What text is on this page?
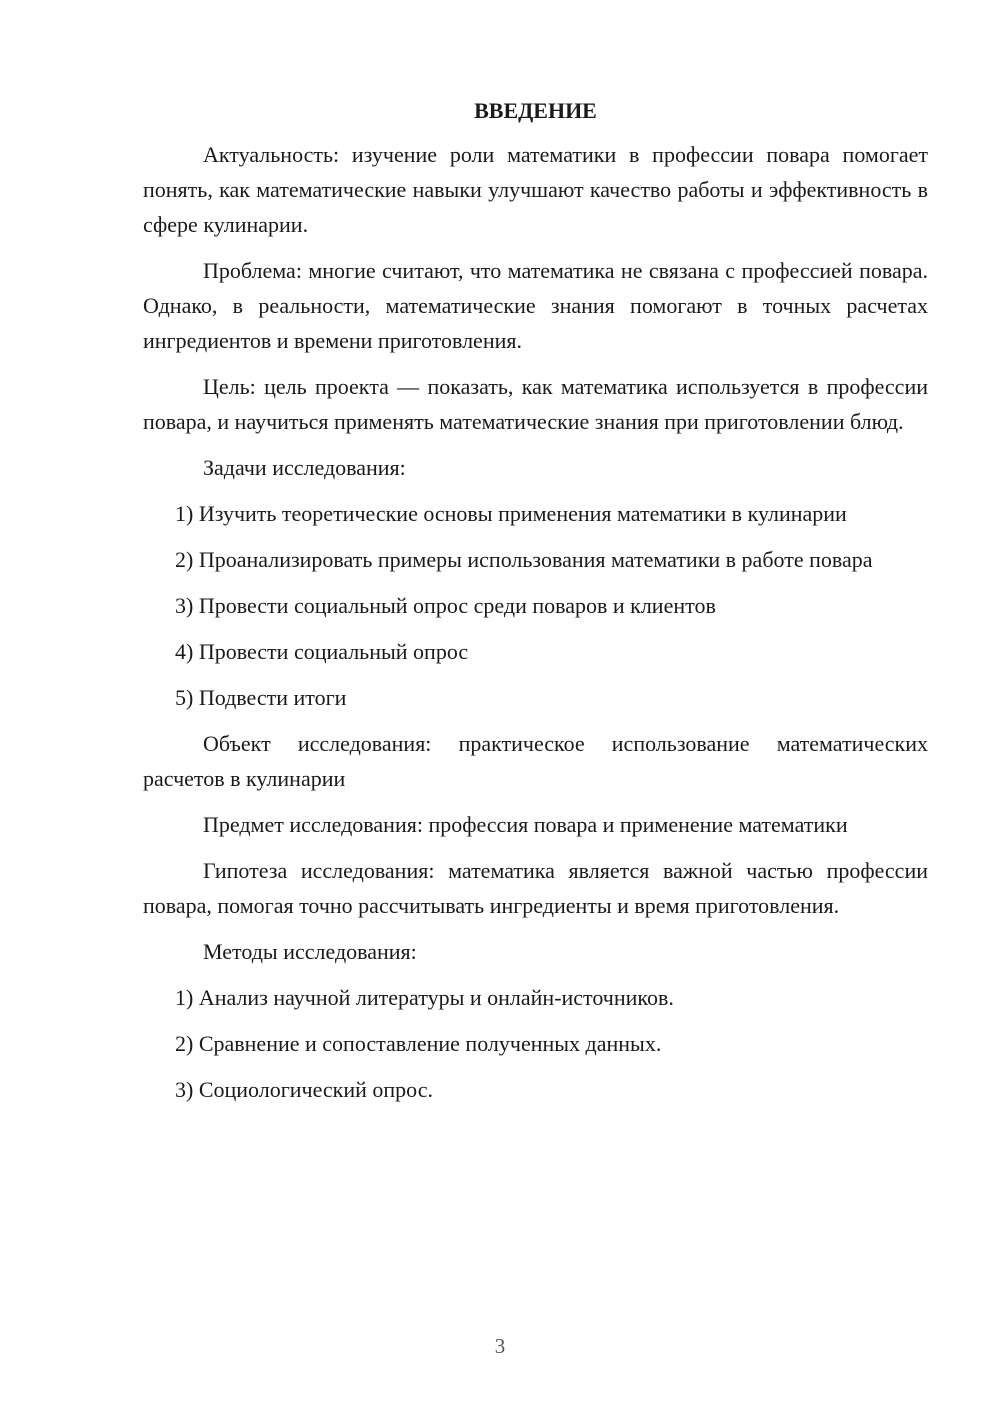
ВВЕДЕНИЕ

Актуальность: изучение роли математики в профессии повара помогает понять, как математические навыки улучшают качество работы и эффективность в сфере кулинарии.

Проблема: многие считают, что математика не связана с профессией повара. Однако, в реальности, математические знания помогают в точных расчетах ингредиентов и времени приготовления.

Цель: цель проекта — показать, как математика используется в профессии повара, и научиться применять математические знания при приготовлении блюд.

Задачи исследования:

1) Изучить теоретические основы применения математики в кулинарии

2) Проанализировать примеры использования математики в работе повара

3) Провести социальный опрос среди поваров и клиентов

4) Провести социальный опрос

5) Подвести итоги

Объект исследования: практическое использование математических расчетов в кулинарии

Предмет исследования: профессия повара и применение математики

Гипотеза исследования: математика является важной частью профессии повара, помогая точно рассчитывать ингредиенты и время приготовления.

Методы исследования:

1) Анализ научной литературы и онлайн-источников.

2) Сравнение и сопоставление полученных данных.

3) Социологический опрос.

3
